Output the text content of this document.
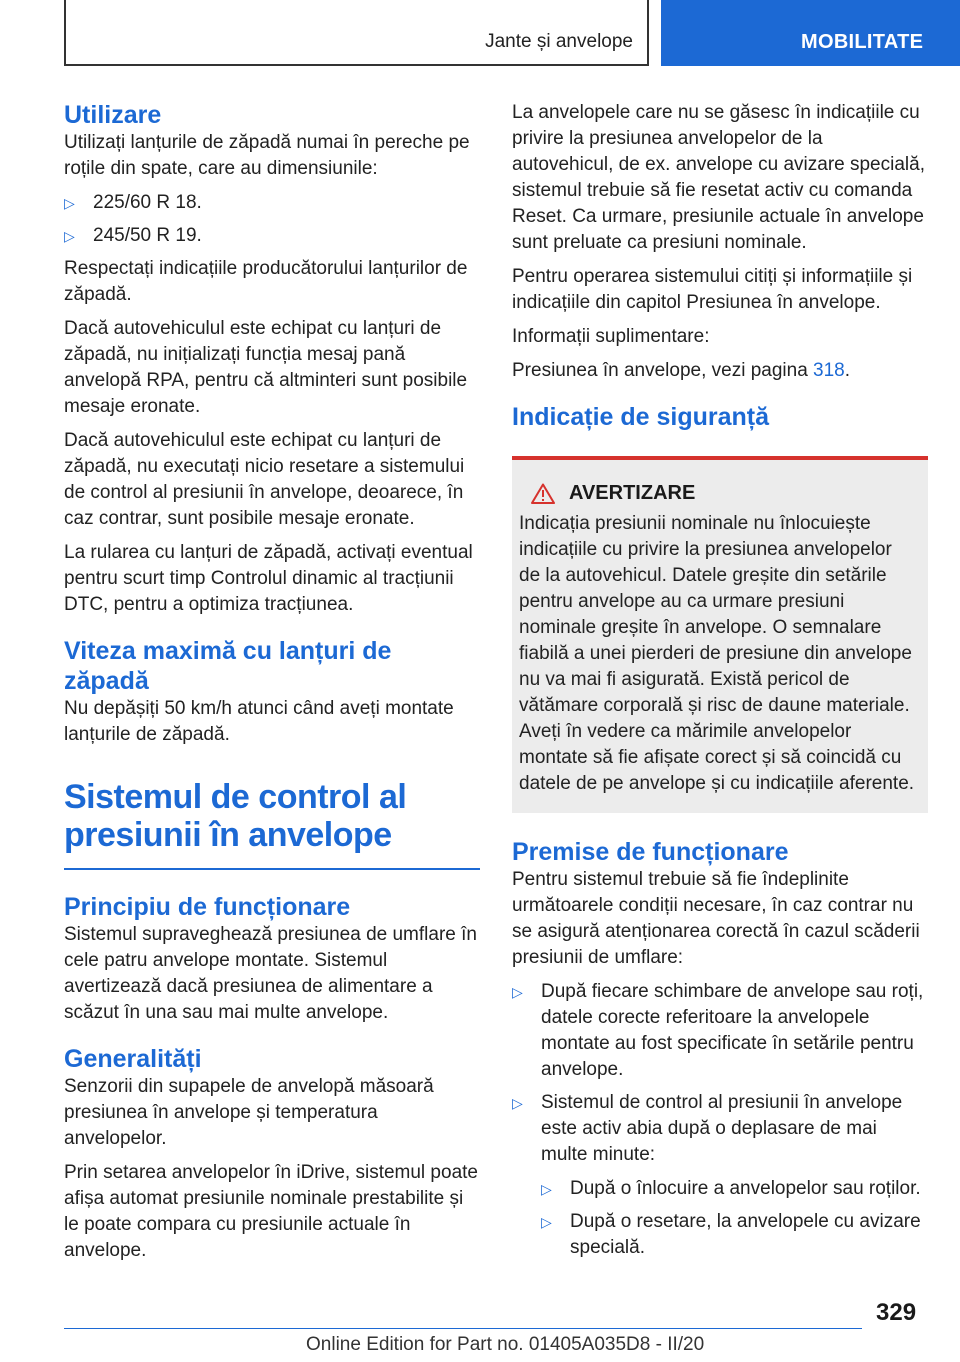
Jante și anvelope	MOBILITATE
Utilizare

Utilizați lanțurile de zăpadă numai în pereche pe roțile din spate, care au dimensiunile:

▷ 225/60 R 18.
▷ 245/50 R 19.

Respectați indicațiile producătorului lanțurilor de zăpadă.

Dacă autovehiculul este echipat cu lanțuri de zăpadă, nu inițializați funcția mesaj pană anvelopă RPA, pentru că altminteri sunt posibile mesaje eronate.

Dacă autovehiculul este echipat cu lanțuri de zăpadă, nu executați nicio resetare a sistemului de control al presiunii în anvelope, deoarece, în caz contrar, sunt posibile mesaje eronate.

La rularea cu lanțuri de zăpadă, activați eventual pentru scurt timp Controlul dinamic al tracțiunii DTC, pentru a optimiza tracțiunea.

Viteza maximă cu lanțuri de zăpadă

Nu depășiți 50 km/h atunci când aveți montate lanțurile de zăpadă.

Sistemul de control al presiunii în anvelope
Principiu de funcționare

Sistemul supraveghează presiunea de umflare în cele patru anvelope montate. Sistemul avertizează dacă presiunea de alimentare a scăzut în una sau mai multe anvelope.

Generalități

Senzorii din supapele de anvelopă măsoară presiunea în anvelope și temperatura anvelopelor.

Prin setarea anvelopelor în iDrive, sistemul poate afișa automat presiunile nominale prestabilite și le poate compara cu presiunile actuale în anvelope.

La anvelopele care nu se găsesc în indicațiile cu privire la presiunea anvelopelor de la autovehicul, de ex. anvelope cu avizare specială, sistemul trebuie să fie resetat activ cu comanda Reset. Ca urmare, presiunile actuale în anvelope sunt preluate ca presiuni nominale.

Pentru operarea sistemului citiți și informațiile și indicațiile din capitol Presiunea în anvelope.

Informații suplimentare:

Presiunea în anvelope, vezi pagina 318.

Indicație de siguranță
AVERTIZARE

Indicația presiunii nominale nu înlocuiește indicațiile cu privire la presiunea anvelopelor de la autovehicul. Datele greșite din setările pentru anvelope au ca urmare presiuni nominale greșite în anvelope. O semnalare fiabilă a unei pierderi de presiune din anvelope nu va mai fi asigurată. Există pericol de vătămare corporală și risc de daune materiale. Aveți în vedere ca mărimile anvelopelor montate să fie afișate corect și să coincidă cu datele de pe anvelope și cu indicațiile aferente.

Premise de funcționare

Pentru sistemul trebuie să fie îndeplinite următoarele condiții necesare, în caz contrar nu se asigură atenționarea corectă în cazul scăderii presiunii de umflare:

▷ După fiecare schimbare de anvelope sau roți, datele corecte referitoare la anvelopele montate au fost specificate în setările pentru anvelope.
▷ Sistemul de control al presiunii în anvelope este activ abia după o deplasare de mai multe minute:
▷ După o înlocuire a anvelopelor sau roților.
▷ După o resetare, la anvelopele cu avizare specială.
329
Online Edition for Part no. 01405A035D8 - II/20
